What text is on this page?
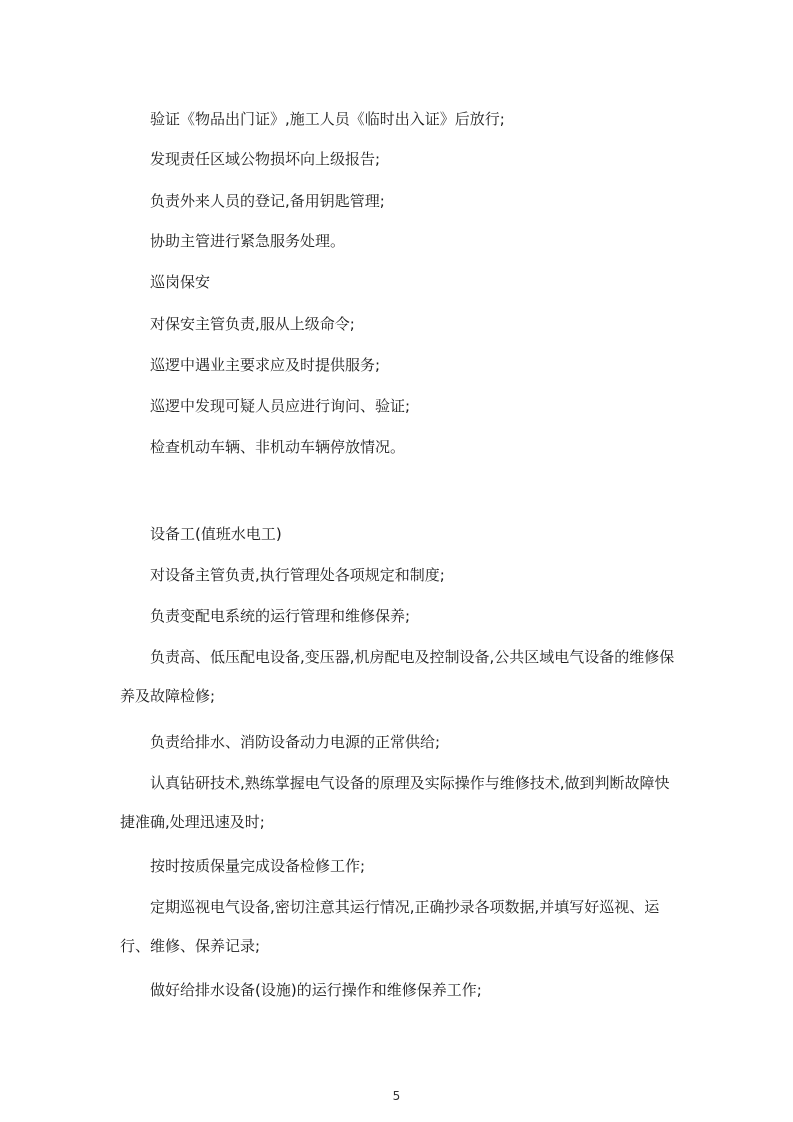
验证《物品出门证》,施工人员《临时出入证》后放行;

发现责任区域公物损坏向上级报告;

负责外来人员的登记,备用钥匙管理;

协助主管进行紧急服务处理。

巡岗保安

对保安主管负责,服从上级命令;

巡逻中遇业主要求应及时提供服务;

巡逻中发现可疑人员应进行询问、验证;

检查机动车辆、非机动车辆停放情况。

设备工(值班水电工)

对设备主管负责,执行管理处各项规定和制度;

负责变配电系统的运行管理和维修保养;

负责高、低压配电设备,变压器,机房配电及控制设备,公共区域电气设备的维修保养及故障检修;

负责给排水、消防设备动力电源的正常供给;

认真钻研技术,熟练掌握电气设备的原理及实际操作与维修技术,做到判断故障快捷准确,处理迅速及时;

按时按质保量完成设备检修工作;

定期巡视电气设备,密切注意其运行情况,正确抄录各项数据,并填写好巡视、运行、维修、保养记录;

做好给排水设备(设施)的运行操作和维修保养工作;

5
